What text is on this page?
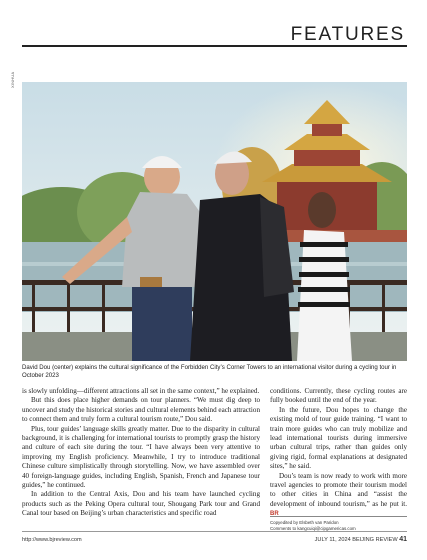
FEATURES
XINHUA
David Dou (center) explains the cultural significance of the Forbidden City’s Corner Towers to an international visitor during a cycling tour in October 2023

is slowly unfolding—different attractions all set in the same context,” he explained.

But this does place higher demands on tour planners. “We must dig deep to uncover and study the historical stories and cultural elements behind each attraction to connect them and truly form a cultural tourism route,” Dou said.

Plus, tour guides’ language skills greatly matter. Due to the disparity in cultural background, it is challenging for international tourists to promptly grasp the history and culture of each site during the tour. “I have always been very attentive to improving my English proficiency. Meanwhile, I try to introduce traditional Chinese culture simplistically through storytelling. Now, we have assembled over 40 foreign-language guides, including English, Spanish, French and Japanese tour guides,” he continued.

In addition to the Central Axis, Dou and his team have launched cycling products such as the Peking Opera cultural tour, Shougang Park tour and Grand Canal tour based on Beijing’s urban characteristics and specific road

conditions. Currently, these cycling routes are fully booked until the end of the year.

In the future, Dou hopes to change the existing mold of tour guide training. “I want to train more guides who can truly mobilize and lead international tourists during immersive urban cultural trips, rather than guides only giving rigid, formal explanations at designated sites,” he said.

Dou’s team is now ready to work with more travel agencies to promote their tourism model to other cities in China and “assist the development of inbound tourism,” as he put it. BR

Copyedited by Elsbeth van Paridon
Comments to kangcuiqi@cipgamericas.com
http://www.bjreview.com	JULY 11, 2024 BEIJING REVIEW 41
